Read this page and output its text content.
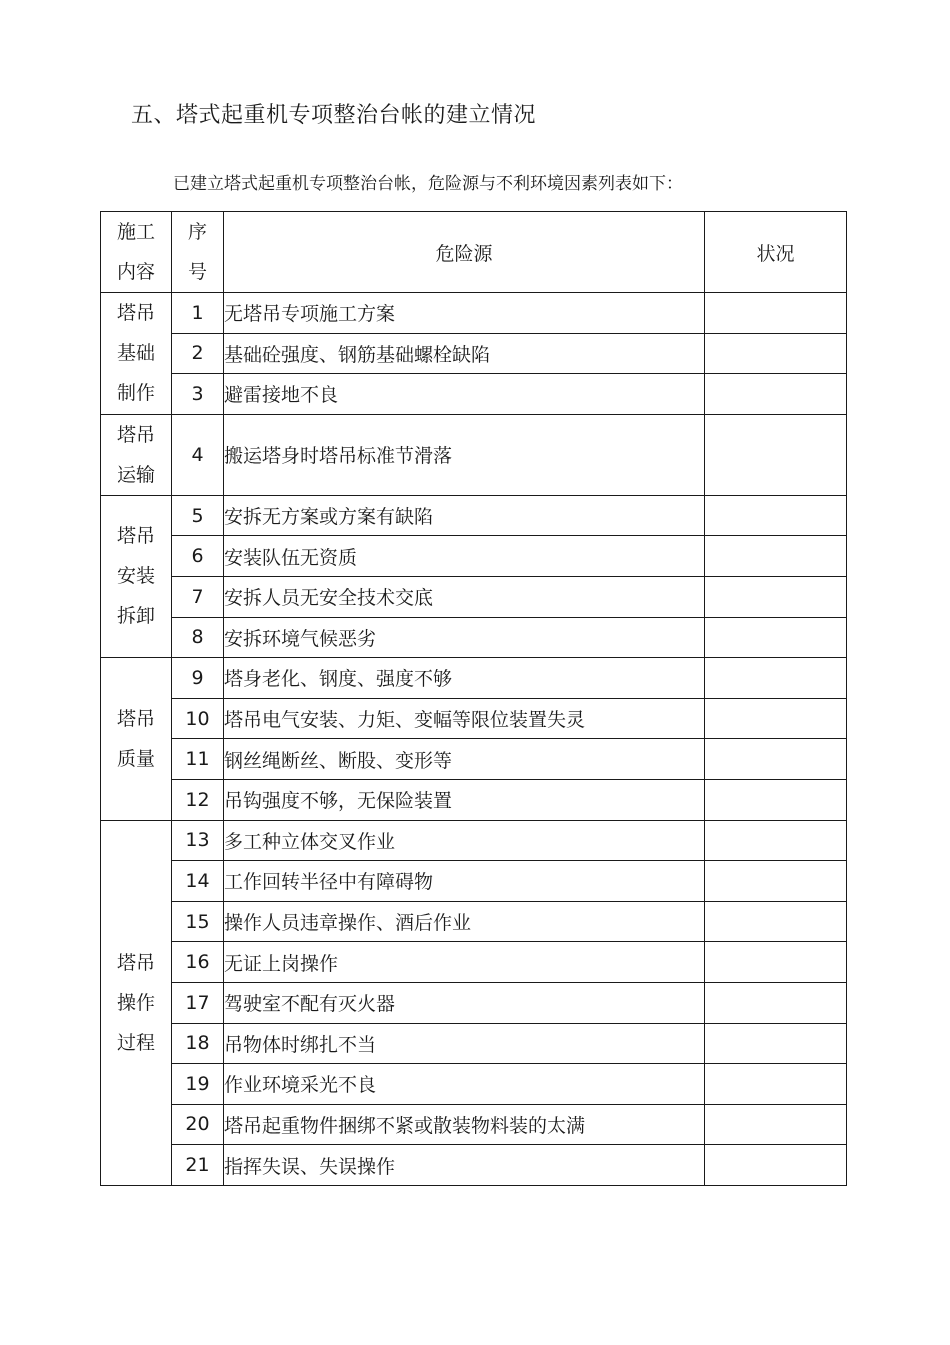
五、塔式起重机专项整治台帐的建立情况
已建立塔式起重机专项整治台帐，危险源与不利环境因素列表如下：
施工
内容	序
号	危险源	状况

塔吊
基础
制作	1	无塔吊专项施工方案	
	2	基础砼强度、钢筋基础螺栓缺陷	
	3	避雷接地不良	

塔吊
运输	4	搬运塔身时塔吊标准节滑落	

塔吊
安装
拆卸	5	安拆无方案或方案有缺陷	
	6	安装队伍无资质	
	7	安拆人员无安全技术交底	
	8	安拆环境气候恶劣	

塔吊
质量	9	塔身老化、钢度、强度不够	
	10	塔吊电气安装、力矩、变幅等限位装置失灵	
	11	钢丝绳断丝、断股、变形等	
	12	吊钩强度不够，无保险装置	

塔吊
操作
过程	13	多工种立体交叉作业	
	14	工作回转半径中有障碍物	
	15	操作人员违章操作、酒后作业	
	16	无证上岗操作	
	17	驾驶室不配有灭火器	
	18	吊物体时绑扎不当	
	19	作业环境采光不良	
	20	塔吊起重物件捆绑不紧或散装物料装的太满	
	21	指挥失误、失误操作	
